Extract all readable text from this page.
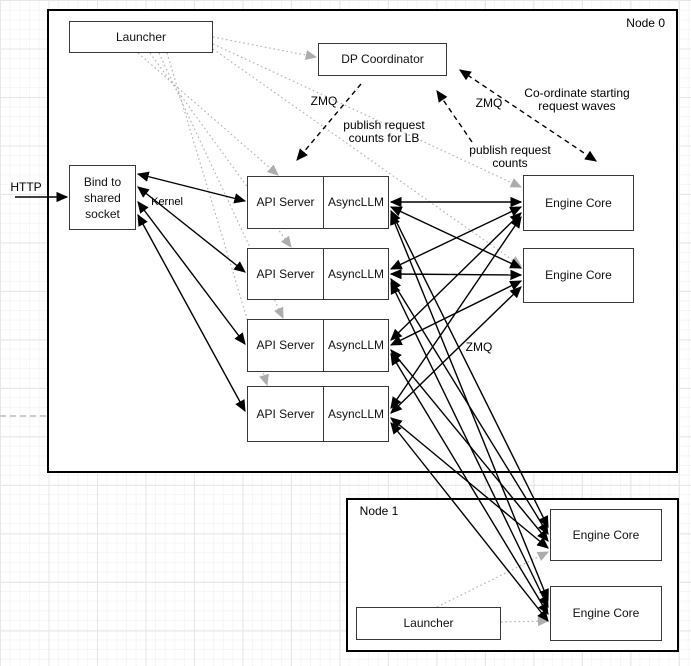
Launcher
DP Coordinator
Bind to
shared
socket
API Server AsyncLLM
API Server AsyncLLM
API Server AsyncLLM
API Server AsyncLLM
Engine Core
Engine Core
Engine Core
Engine Core
Launcher
Node 0
Node 1
HTTP
Kernel
ZMQ	ZMQ
ZMQ
publish request
counts for LB
Co-ordinate starting
request waves
publish request
counts
